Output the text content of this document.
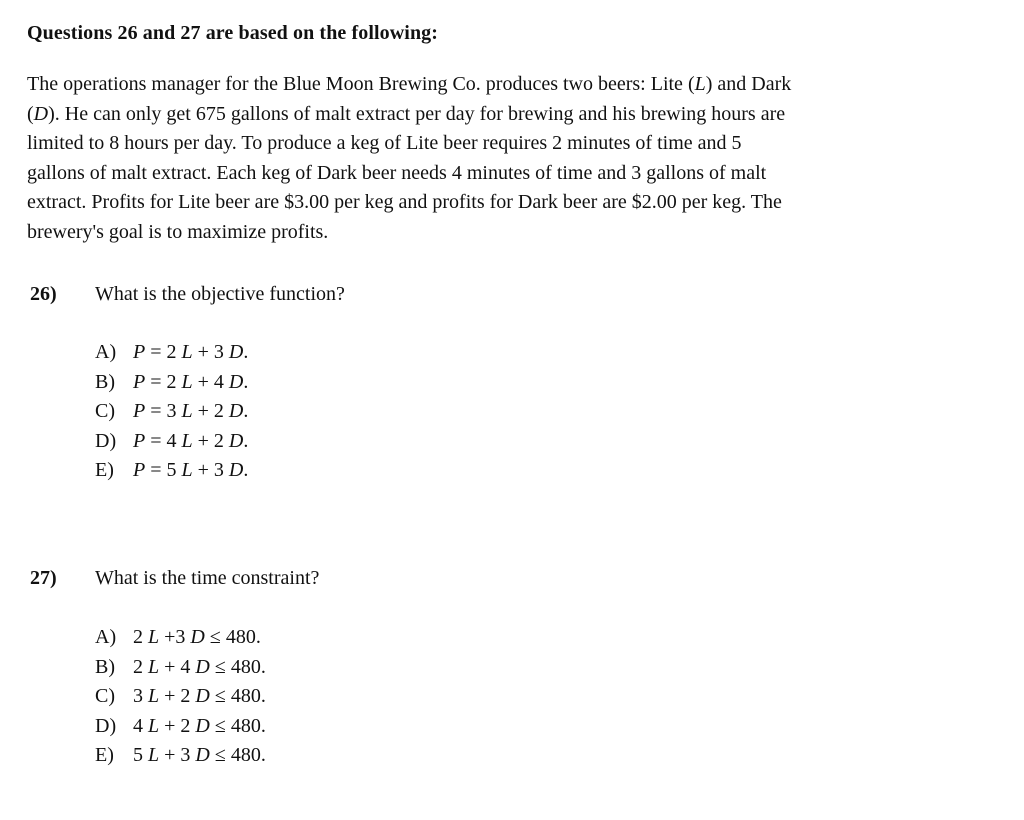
Questions 26 and 27 are based on the following:
The operations manager for the Blue Moon Brewing Co. produces two beers: Lite (L) and Dark
(D). He can only get 675 gallons of malt extract per day for brewing and his brewing hours are
limited to 8 hours per day. To produce a keg of Lite beer requires 2 minutes of time and 5
gallons of malt extract. Each keg of Dark beer needs 4 minutes of time and 3 gallons of malt
extract. Profits for Lite beer are $3.00 per keg and profits for Dark beer are $2.00 per keg. The
brewery's goal is to maximize profits.
26) What is the objective function?
A) P = 2 L + 3 D.
B) P = 2 L + 4 D.
C) P = 3 L + 2 D.
D) P = 4 L + 2 D.
E) P = 5 L + 3 D.
27) What is the time constraint?
A) 2 L +3 D ≤ 480.
B) 2 L + 4 D ≤ 480.
C) 3 L + 2 D ≤ 480.
D) 4 L + 2 D ≤ 480.
E) 5 L + 3 D ≤ 480.
